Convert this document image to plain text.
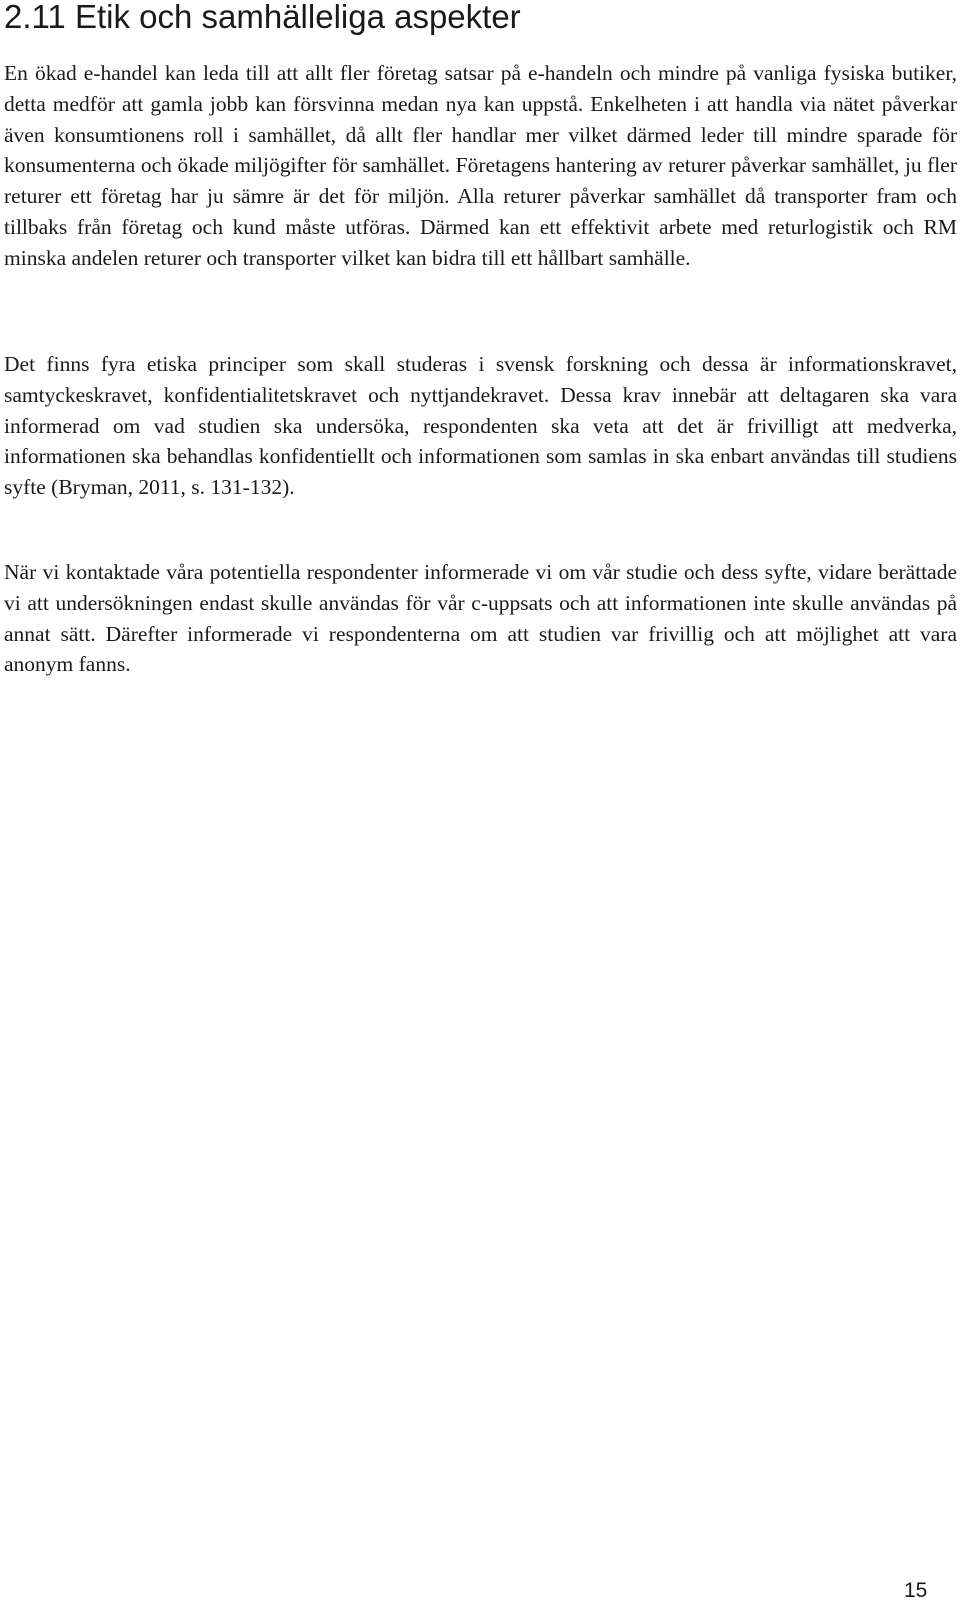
2.11 Etik och samhälleliga aspekter

En ökad e-handel kan leda till att allt fler företag satsar på e-handeln och mindre på vanliga fysiska butiker, detta medför att gamla jobb kan försvinna medan nya kan uppstå. Enkelheten i att handla via nätet påverkar även konsumtionens roll i samhället, då allt fler handlar mer vilket därmed leder till mindre sparade för konsumenterna och ökade miljögifter för samhället. Företagens hantering av returer påverkar samhället, ju fler returer ett företag har ju sämre är det för miljön. Alla returer påverkar samhället då transporter fram och tillbaks från företag och kund måste utföras. Därmed kan ett effektivit arbete med returlogistik och RM minska andelen returer och transporter vilket kan bidra till ett hållbart samhälle.

Det finns fyra etiska principer som skall studeras i svensk forskning och dessa är informationskravet, samtyckeskravet, konfidentialitetskravet och nyttjandekravet. Dessa krav innebär att deltagaren ska vara informerad om vad studien ska undersöka, respondenten ska veta att det är frivilligt att medverka, informationen ska behandlas konfidentiellt och informationen som samlas in ska enbart användas till studiens syfte (Bryman, 2011, s. 131-132).

När vi kontaktade våra potentiella respondenter informerade vi om vår studie och dess syfte, vidare berättade vi att undersökningen endast skulle användas för vår c-uppsats och att informationen inte skulle användas på annat sätt. Därefter informerade vi respondenterna om att studien var frivillig och att möjlighet att vara anonym fanns.

15
